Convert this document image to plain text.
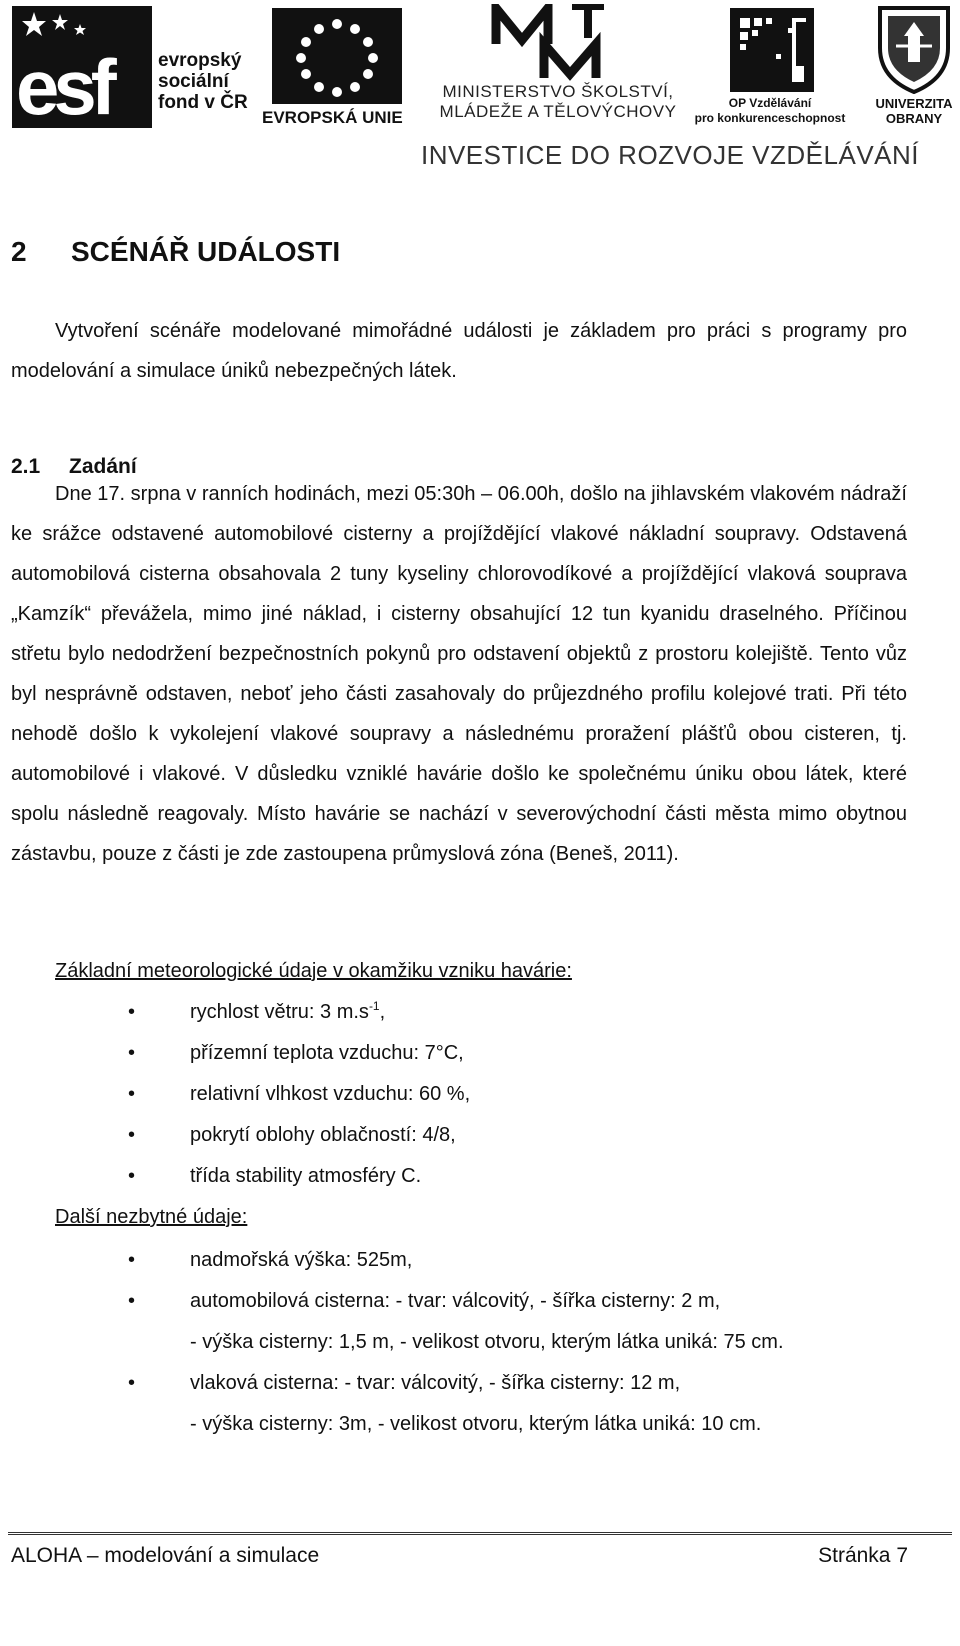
esf evropský
sociální
fond v ČR
EVROPSKÁ UNIE
MINISTERSTVO ŠKOLSTVÍ,
MLÁDEŽE A TĚLOVÝCHOVY	OP Vzdělávání
pro konkurenceschopnost
UNIVERZITA
OBRANY
INVESTICE DO ROZVOJE VZDĚLÁVÁNÍ
2 SCÉNÁŘ UDÁLOSTI

Vytvoření scénáře modelované mimořádné události je základem pro práci s programy pro modelování a simulace úniků nebezpečných látek.

2.1 Zadání

Dne 17. srpna v ranních hodinách, mezi 05:30h – 06.00h, došlo na jihlavském vlakovém nádraží ke srážce odstavené automobilové cisterny a projíždějící vlakové nákladní soupravy. Odstavená automobilová cisterna obsahovala 2 tuny kyseliny chlorovodíkové a projíždějící vlaková souprava „Kamzík“ převážela, mimo jiné náklad, i cisterny obsahující 12 tun kyanidu draselného. Příčinou střetu bylo nedodržení bezpečnostních pokynů pro odstavení objektů z prostoru kolejiště. Tento vůz byl nesprávně odstaven, neboť jeho části zasahovaly do průjezdného profilu kolejové trati. Při této nehodě došlo k vykolejení vlakové soupravy a následnému proražení plášťů obou cisteren, tj. automobilové i vlakové. V důsledku vzniklé havárie došlo ke společnému úniku obou látek, které spolu následně reagovaly. Místo havárie se nachází v severovýchodní části města mimo obytnou zástavbu, pouze z části je zde zastoupena průmyslová zóna (Beneš, 2011).

Základní meteorologické údaje v okamžiku vzniku havárie:
• rychlost větru: 3 $m.s^{-1}$,
• přízemní teplota vzduchu: 7°C,
• relativní vlhkost vzduchu: 60 %,
• pokrytí oblohy oblačností: 4/8,
• třída stability atmosféry C.
Další nezbytné údaje:
• nadmořská výška: 525m,
• automobilová cisterna: - tvar: válcovitý, - šířka cisterny: 2 m,
- výška cisterny: 1,5 m, - velikost otvoru, kterým látka uniká: 75 cm.
• vlaková cisterna: - tvar: válcovitý, - šířka cisterny: 12 m,
- výška cisterny: 3m, - velikost otvoru, kterým látka uniká: 10 cm.
ALOHA – modelování a simulace	Stránka 7
